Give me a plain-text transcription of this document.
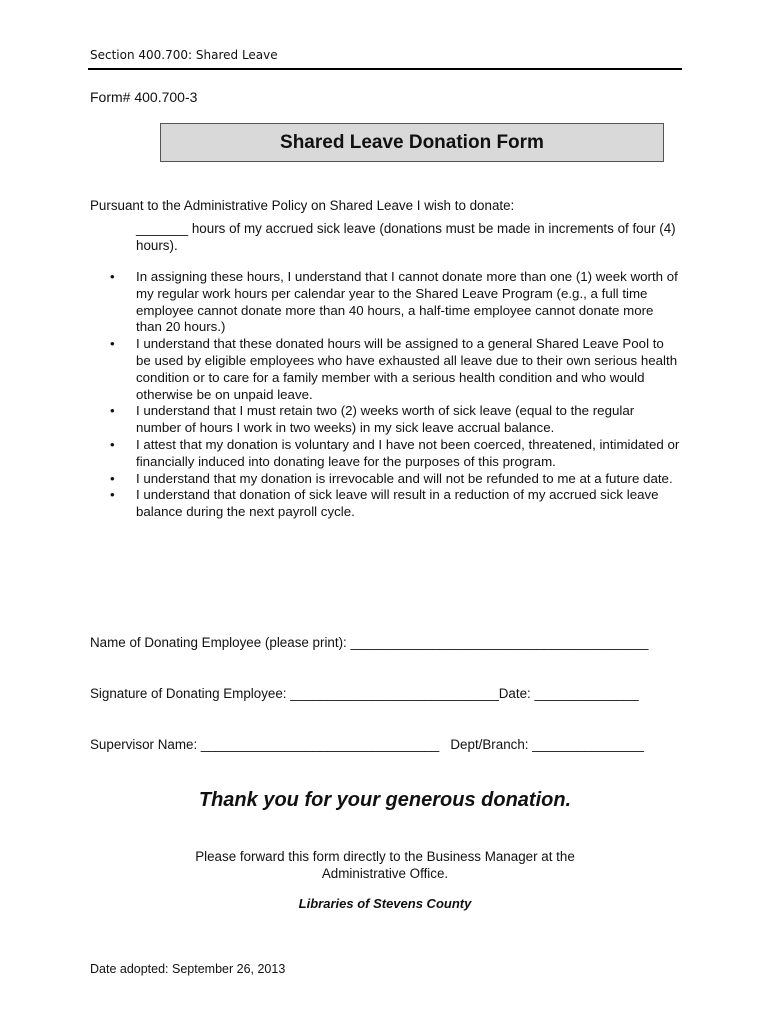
Section 400.700: Shared Leave
Form# 400.700-3
Shared Leave Donation Form
Pursuant to the Administrative Policy on Shared Leave I wish to donate:
_______ hours of my accrued sick leave (donations must be made in increments of four (4) hours).
• In assigning these hours, I understand that I cannot donate more than one (1) week worth of my regular work hours per calendar year to the Shared Leave Program (e.g., a full time employee cannot donate more than 40 hours, a half-time employee cannot donate more than 20 hours.)
• I understand that these donated hours will be assigned to a general Shared Leave Pool to be used by eligible employees who have exhausted all leave due to their own serious health condition or to care for a family member with a serious health condition and who would otherwise be on unpaid leave.
• I understand that I must retain two (2) weeks worth of sick leave (equal to the regular number of hours I work in two weeks) in my sick leave accrual balance.
• I attest that my donation is voluntary and I have not been coerced, threatened, intimidated or financially induced into donating leave for the purposes of this program.
• I understand that my donation is irrevocable and will not be refunded to me at a future date.
• I understand that donation of sick leave will result in a reduction of my accrued sick leave balance during the next payroll cycle.
Name of Donating Employee (please print): ________________________________________
Signature of Donating Employee: ____________________________Date: ______________
Supervisor Name: ________________________________ Dept/Branch: _______________
Thank you for your generous donation.
Please forward this form directly to the Business Manager at the
Administrative Office.
Libraries of Stevens County
Date adopted: September 26, 2013
